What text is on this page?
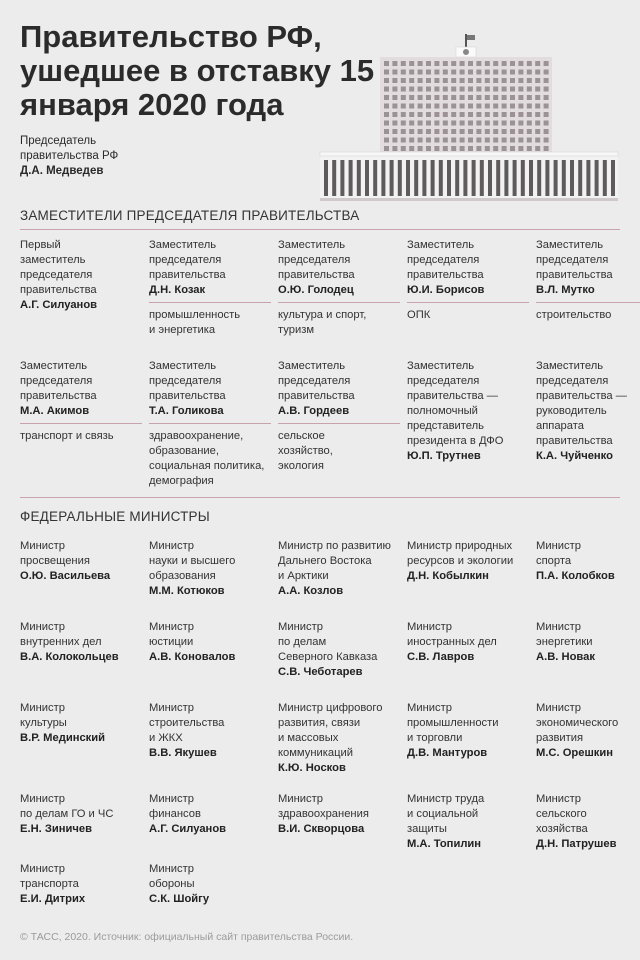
Правительство РФ, ушедшее в отставку 15 января 2020 года
Председатель правительства РФ
Д.А. Медведев
ЗАМЕСТИТЕЛИ ПРЕДСЕДАТЕЛЯ ПРАВИТЕЛЬСТВА
Первый
заместитель
председателя
правительства
А.Г. Силуанов
Заместитель
председателя
правительства
Д.Н. Козак
промышленность
и энергетика
Заместитель
председателя
правительства
О.Ю. Голодец
культура и спорт,
туризм
Заместитель
председателя
правительства
Ю.И. Борисов
ОПК
Заместитель
председателя
правительства
В.Л. Мутко
строительство
Заместитель
председателя
правительства
М.А. Акимов
транспорт и связь
Заместитель
председателя
правительства
Т.А. Голикова
здравоохранение,
образование,
социальная политика,
демография
Заместитель
председателя
правительства
А.В. Гордеев
сельское
хозяйство,
экология
Заместитель
председателя
правительства —
полномочный
представитель
президента в ДФО
Ю.П. Трутнев
Заместитель
председателя
правительства —
руководитель
аппарата
правительства
К.А. Чуйченко
ФЕДЕРАЛЬНЫЕ МИНИСТРЫ
Министр
просвещения
О.Ю. Васильева
Министр
науки и высшего
образования
М.М. Котюков
Министр по развитию
Дальнего Востока
и Арктики
А.А. Козлов
Министр природных
ресурсов и экологии
Д.Н. Кобылкин
Министр
спорта
П.А. Колобков
Министр
внутренних дел
В.А. Колокольцев
Министр
юстиции
А.В. Коновалов
Министр
по делам
Северного Кавказа
С.В. Чеботарев
Министр
иностранных дел
С.В. Лавров
Министр
энергетики
А.В. Новак
Министр
культуры
В.Р. Мединский
Министр
строительства
и ЖКХ
В.В. Якушев
Министр цифрового
развития, связи
и массовых
коммуникаций
К.Ю. Носков
Министр
промышленности
и торговли
Д.В. Мантуров
Министр
экономического
развития
М.С. Орешкин
Министр
по делам ГО и ЧС
Е.Н. Зиничев
Министр
финансов
А.Г. Силуанов
Министр
здравоохранения
В.И. Скворцова
Министр труда
и социальной
защиты
М.А. Топилин
Министр
сельского
хозяйства
Д.Н. Патрушев
Министр
транспорта
Е.И. Дитрих
Министр
обороны
С.К. Шойгу
© ТАСС, 2020. Источник: официальный сайт правительства России.
